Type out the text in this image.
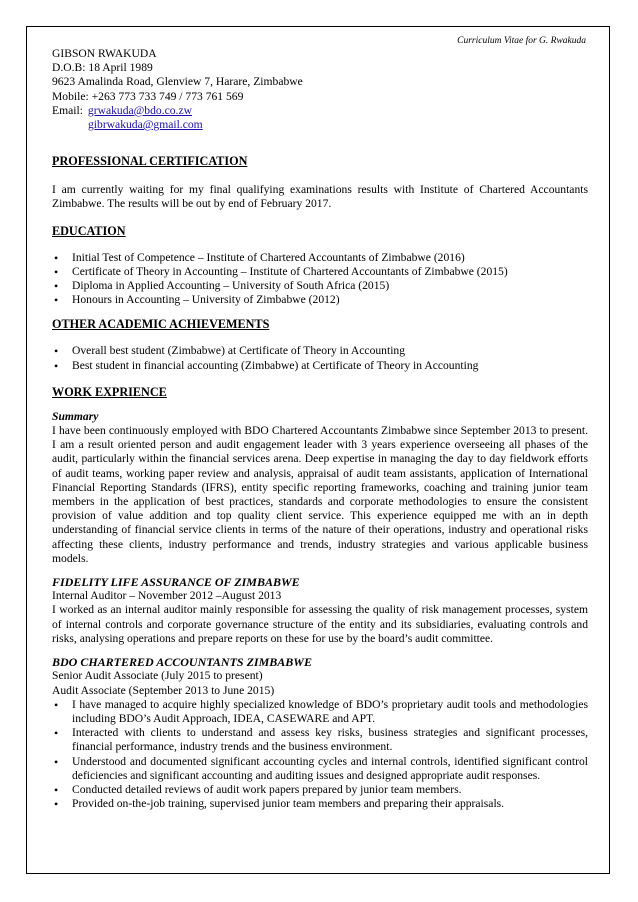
Curriculum Vitae for G. Rwakuda
GIBSON RWAKUDA
D.O.B: 18 April 1989
9623 Amalinda Road, Glenview 7, Harare, Zimbabwe
Mobile: +263 773 733 749 / 773 761 569
Email: grwakuda@bdo.co.zw
gibrwakuda@gmail.com
PROFESSIONAL CERTIFICATION

I am currently waiting for my final qualifying examinations results with Institute of Chartered Accountants Zimbabwe. The results will be out by end of February 2017.

EDUCATION
• Initial Test of Competence – Institute of Chartered Accountants of Zimbabwe (2016)
• Certificate of Theory in Accounting – Institute of Chartered Accountants of Zimbabwe (2015)
• Diploma in Applied Accounting – University of South Africa (2015)
• Honours in Accounting – University of Zimbabwe (2012)
OTHER ACADEMIC ACHIEVEMENTS
• Overall best student (Zimbabwe) at Certificate of Theory in Accounting
• Best student in financial accounting (Zimbabwe) at Certificate of Theory in Accounting
WORK EXPRIENCE

Summary

I have been continuously employed with BDO Chartered Accountants Zimbabwe since September 2013 to present. I am a result oriented person and audit engagement leader with 3 years experience overseeing all phases of the audit, particularly within the financial services arena. Deep expertise in managing the day to day fieldwork efforts of audit teams, working paper review and analysis, appraisal of audit team assistants, application of International Financial Reporting Standards (IFRS), entity specific reporting frameworks, coaching and training junior team members in the application of best practices, standards and corporate methodologies to ensure the consistent provision of value addition and top quality client service. This experience equipped me with an in depth understanding of financial service clients in terms of the nature of their operations, industry and operational risks affecting these clients, industry performance and trends, industry strategies and various applicable business models.

FIDELITY LIFE ASSURANCE OF ZIMBABWE

Internal Auditor – November 2012 –August 2013

I worked as an internal auditor mainly responsible for assessing the quality of risk management processes, system of internal controls and corporate governance structure of the entity and its subsidiaries, evaluating controls and risks, analysing operations and prepare reports on these for use by the board’s audit committee.

BDO CHARTERED ACCOUNTANTS ZIMBABWE

Senior Audit Associate (July 2015 to present)
Audit Associate (September 2013 to June 2015)
• I have managed to acquire highly specialized knowledge of BDO’s proprietary audit tools and methodologies including BDO’s Audit Approach, IDEA, CASEWARE and APT.
• Interacted with clients to understand and assess key risks, business strategies and significant processes, financial performance, industry trends and the business environment.
• Understood and documented significant accounting cycles and internal controls, identified significant control deficiencies and significant accounting and auditing issues and designed appropriate audit responses.
• Conducted detailed reviews of audit work papers prepared by junior team members.
• Provided on-the-job training, supervised junior team members and preparing their appraisals.
